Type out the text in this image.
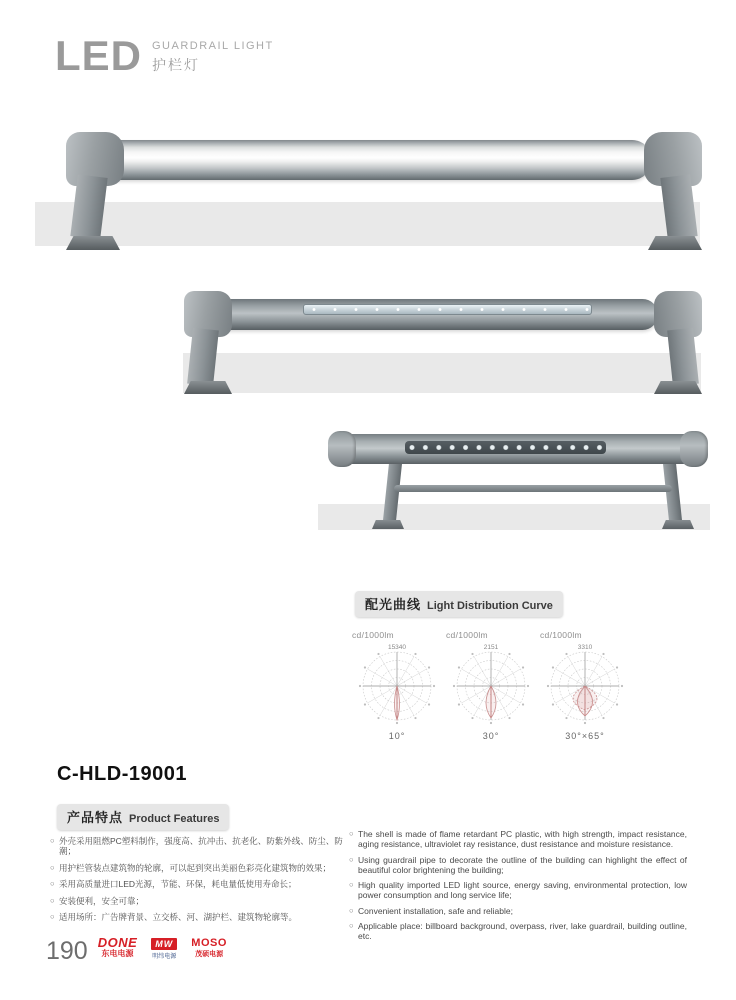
LED GUARDRAIL LIGHT
护栏灯
配光曲线 Light Distribution Curve
cd/1000lm
15340
10°
cd/1000lm
2151
30°
cd/1000lm
3310
30°×65°
C-HLD-19001
产品特点 Product Features
○ 外壳采用阻燃PC塑料制作，强度高、抗冲击、抗老化、防紫外线、防尘、防潮；
○ 用护栏管装点建筑物的轮廓，可以起到突出美丽色彩亮化建筑物的效果；
○ 采用高质量进口LED光源，节能、环保，耗电量低使用寿命长；
○ 安装便利，安全可靠；
○ 适用场所：广告牌背景、立交桥、河、湖护栏、建筑物轮廓等。
○ The shell is made of flame retardant PC plastic, with high strength, impact resistance, aging resistance, ultraviolet ray resistance, dust resistance and moisture resistance.
○ Using guardrail pipe to decorate the outline of the building can highlight the effect of beautiful color brightening the building;
○ High quality imported LED light source, energy saving, environmental protection, low power consumption and long service life;
○ Convenient installation, safe and reliable;
○ Applicable place: billboard background, overpass, river, lake guardrail, building outline, etc.
190 DONE
东电电源
MW
明纬电源
MOSO
茂硕电源
